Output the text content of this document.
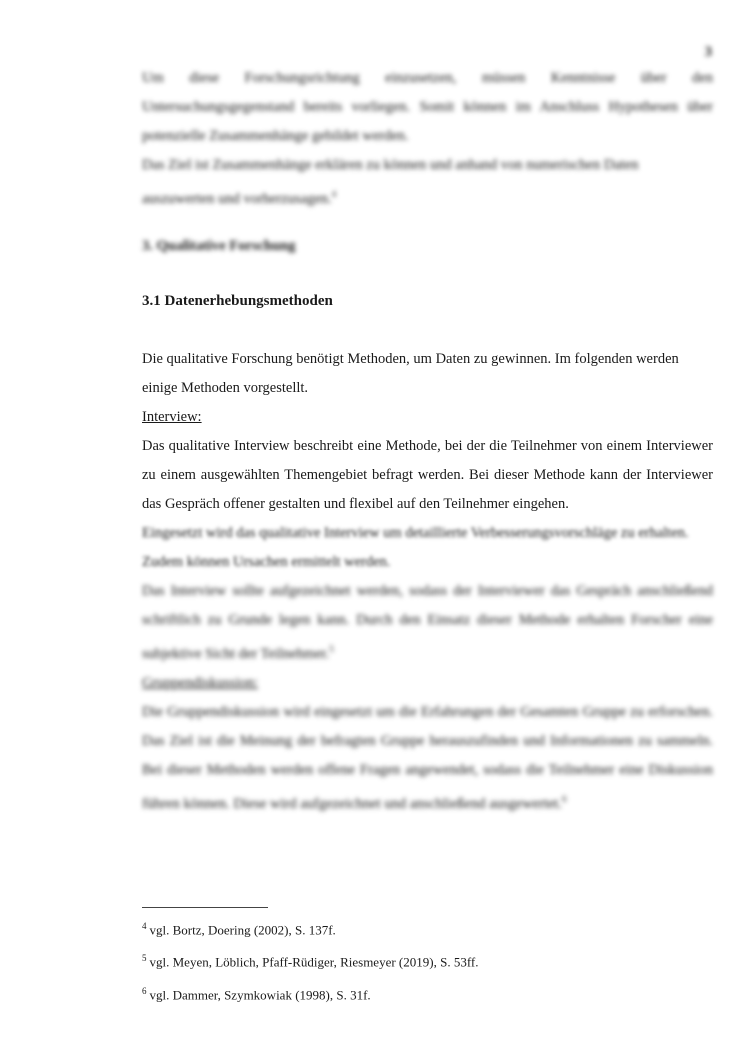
3

Um diese Forschungsrichtung einzusetzen, müssen Kenntnisse über den Untersuchungsgegenstand bereits vorliegen. Somit können im Anschluss Hypothesen über potenzielle Zusammenhänge gebildet werden.

Das Ziel ist Zusammenhänge erklären zu können und anhand von numerischen Daten auszuwerten und vorherzusagen.$^4$

3. Qualitative Forschung
3.1 Datenerhebungsmethoden

Die qualitative Forschung benötigt Methoden, um Daten zu gewinnen. Im folgenden werden einige Methoden vorgestellt.

Interview:

Das qualitative Interview beschreibt eine Methode, bei der die Teilnehmer von einem Interviewer zu einem ausgewählten Themengebiet befragt werden. Bei dieser Methode kann der Interviewer das Gespräch offener gestalten und flexibel auf den Teilnehmer eingehen.

Eingesetzt wird das qualitative Interview um detaillierte Verbesserungsvorschläge zu erhalten. Zudem können Ursachen ermittelt werden.

Das Interview sollte aufgezeichnet werden, sodass der Interviewer das Gespräch anschließend schriftlich zu Grunde legen kann. Durch den Einsatz dieser Methode erhalten Forscher eine subjektive Sicht der Teilnehmer.$^5$

Gruppendiskussion:

Die Gruppendiskussion wird eingesetzt um die Erfahrungen der Gesamten Gruppe zu erforschen. Das Ziel ist die Meinung der befragten Gruppe herauszufinden und Informationen zu sammeln. Bei dieser Methoden werden offene Fragen angewendet, sodass die Teilnehmer eine Diskussion führen können. Diese wird aufgezeichnet und anschließend ausgewertet.$^6$

$^4$ vgl. Bortz, Doering (2002), S. 137f.

$^5$ vgl. Meyen, Löblich, Pfaff-Rüdiger, Riesmeyer (2019), S. 53ff.

$^6$ vgl. Dammer, Szymkowiak (1998), S. 31f.
